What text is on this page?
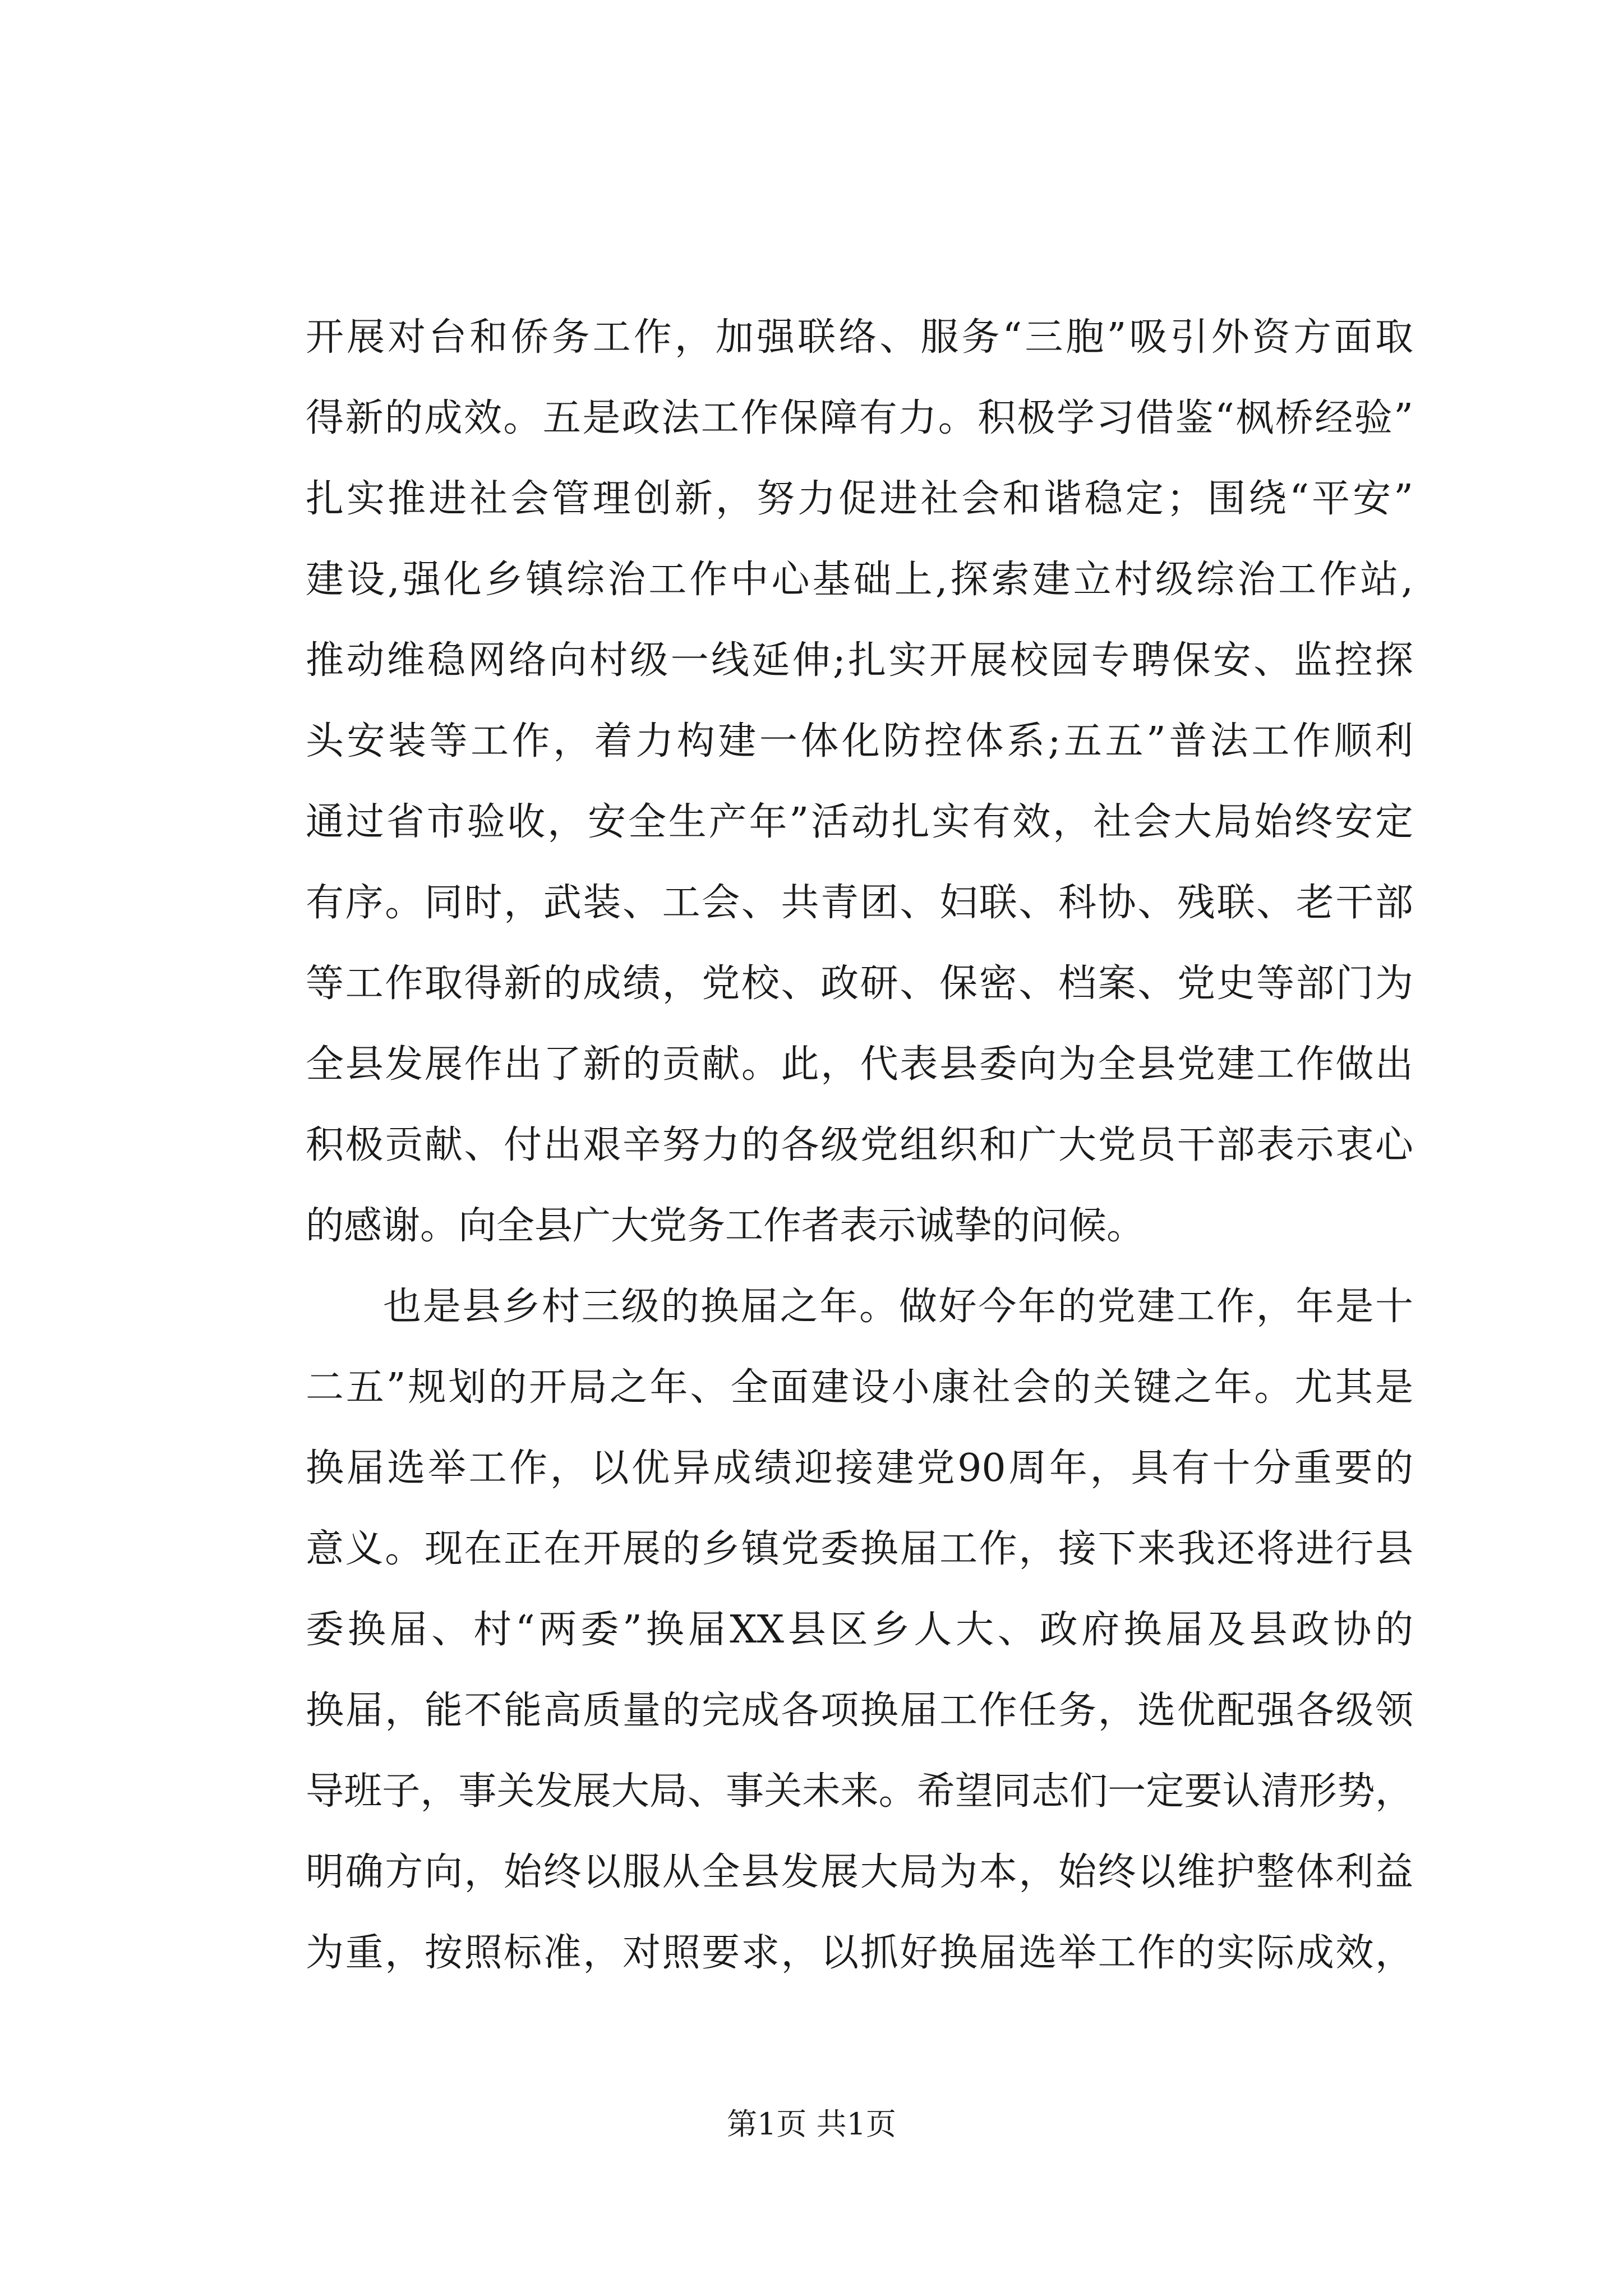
开展对台和侨务工作，加强联络、服务“三胞”吸引外资方面取
得新的成效。五是政法工作保障有力。积极学习借鉴“枫桥经验”
扎实推进社会管理创新，努力促进社会和谐稳定；围绕“平安”
建设,强化乡镇综治工作中心基础上,探索建立村级综治工作站,
推动维稳网络向村级一线延伸;扎实开展校园专聘保安、监控探
头安装等工作，着力构建一体化防控体系;五五”普法工作顺利
通过省市验收，安全生产年”活动扎实有效，社会大局始终安定
有序。同时，武装、工会、共青团、妇联、科协、残联、老干部
等工作取得新的成绩，党校、政研、保密、档案、党史等部门为
全县发展作出了新的贡献。此，代表县委向为全县党建工作做出
积极贡献、付出艰辛努力的各级党组织和广大党员干部表示衷心
的感谢。向全县广大党务工作者表示诚挚的问候。
也是县乡村三级的换届之年。做好今年的党建工作，年是十
二五”规划的开局之年、全面建设小康社会的关键之年。尤其是
换届选举工作，以优异成绩迎接建党90周年，具有十分重要的
意义。现在正在开展的乡镇党委换届工作，接下来我还将进行县
委换届、村“两委”换届XX县区乡人大、政府换届及县政协的
换届，能不能高质量的完成各项换届工作任务，选优配强各级领
导班子，事关发展大局、事关未来。希望同志们一定要认清形势，
明确方向，始终以服从全县发展大局为本，始终以维护整体利益
为重，按照标准，对照要求，以抓好换届选举工作的实际成效，
第1页 共1页
